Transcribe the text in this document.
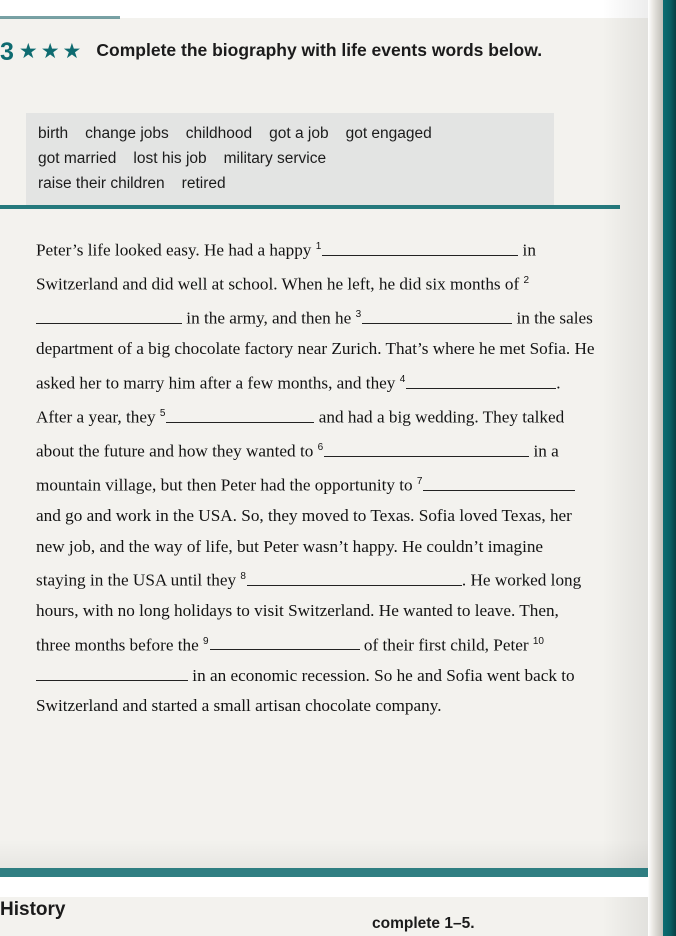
3 ★★★ Complete the biography with life events words below.
birth change jobs childhood got a job got engaged
got married lost his job military service
raise their children retired

Peter’s life looked easy. He had a happy $^1$	in Switzerland and did well at school. When he left, he did six months of $^2$ in the army, and then he $^3$	in the sales department of a big chocolate factory near Zurich. That’s where he met Sofia. He asked her to marry him after a few months, and they $^4$	. After a year, they $^5$	and had a big wedding. They talked about the future and how they wanted to $^6$	in a mountain village, but then Peter had the opportunity to $^7$ and go and work in the USA. So, they moved to Texas. Sofia loved Texas, her new job, and the way of life, but Peter wasn’t happy. He couldn’t imagine staying in the USA until they $^8$	. He worked long hours, with no long holidays to visit Switzerland. He wanted to leave. Then, three months before the $^9$	of their first child, Peter $^{10}$ in an economic recession. So he and Sofia went back to Switzerland and started a small artisan chocolate company.

History
complete 1–5.
